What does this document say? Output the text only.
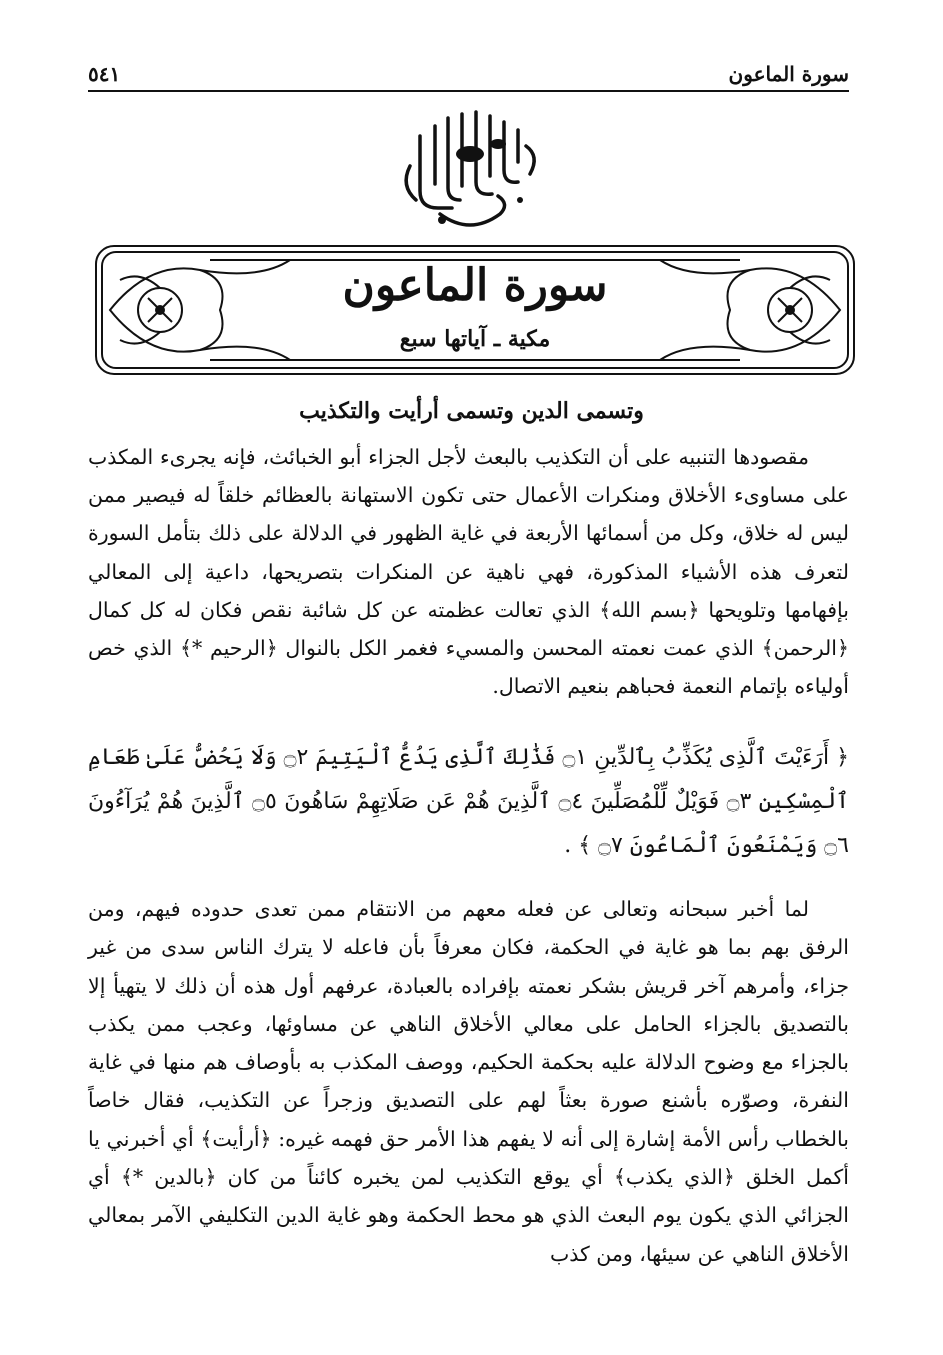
٥٤١	سورة الماعون
سورة الماعون
مكية ـ آياتها سبع
وتسمى الدين وتسمى أرأيت والتكذيب

مقصودها التنبيه على أن التكذيب بالبعث لأجل الجزاء أبو الخبائث، فإنه يجرىء المكذب على مساوىء الأخلاق ومنكرات الأعمال حتى تكون الاستهانة بالعظائم خلقاً له فيصير ممن ليس له خلاق، وكل من أسمائها الأربعة في غاية الظهور في الدلالة على ذلك بتأمل السورة لتعرف هذه الأشياء المذكورة، فهي ناهية عن المنكرات بتصريحها، داعية إلى المعالي بإفهامها وتلويحها ﴿بسم الله﴾ الذي تعالت عظمته عن كل شائبة نقص فكان له كل كمال ﴿الرحمن﴾ الذي عمت نعمته المحسن والمسيء فغمر الكل بالنوال ﴿الرحيم *﴾ الذي خص أولياءه بإتمام النعمة فحباهم بنعيم الاتصال.

﴿ أَرَءَيْتَ ٱلَّذِى يُكَذِّبُ بِٱلدِّينِ ۝١ فَذَٰلِكَ ٱلَّذِى يَدُعُّ ٱلْيَتِيمَ ۝٢ وَلَا يَحُضُّ عَلَىٰ طَعَامِ ٱلْمِسْكِينِ ۝٣ فَوَيْلٌ لِّلْمُصَلِّينَ ۝٤ ٱلَّذِينَ هُمْ عَن صَلَاتِهِمْ سَاهُونَ ۝٥ ٱلَّذِينَ هُمْ يُرَآءُونَ ۝٦ وَيَمْنَعُونَ ٱلْمَاعُونَ ۝٧ ﴾ .

لما أخبر سبحانه وتعالى عن فعله معهم من الانتقام ممن تعدى حدوده فيهم، ومن الرفق بهم بما هو غاية في الحكمة، فكان معرفاً بأن فاعله لا يترك الناس سدى من غير جزاء، وأمرهم آخر قريش بشكر نعمته بإفراده بالعبادة، عرفهم أول هذه أن ذلك لا يتهيأ إلا بالتصديق بالجزاء الحامل على معالي الأخلاق الناهي عن مساوئها، وعجب ممن يكذب بالجزاء مع وضوح الدلالة عليه بحكمة الحكيم، ووصف المكذب به بأوصاف هم منها في غاية النفرة، وصوّره بأشنع صورة بعثاً لهم على التصديق وزجراً عن التكذيب، فقال خاصاً بالخطاب رأس الأمة إشارة إلى أنه لا يفهم هذا الأمر حق فهمه غيره: ﴿أرأيت﴾ أي أخبرني يا أكمل الخلق ﴿الذي يكذب﴾ أي يوقع التكذيب لمن يخبره كائناً من كان ﴿بالدين *﴾ أي الجزائي الذي يكون يوم البعث الذي هو محط الحكمة وهو غاية الدين التكليفي الآمر بمعالي الأخلاق الناهي عن سيئها، ومن كذب
